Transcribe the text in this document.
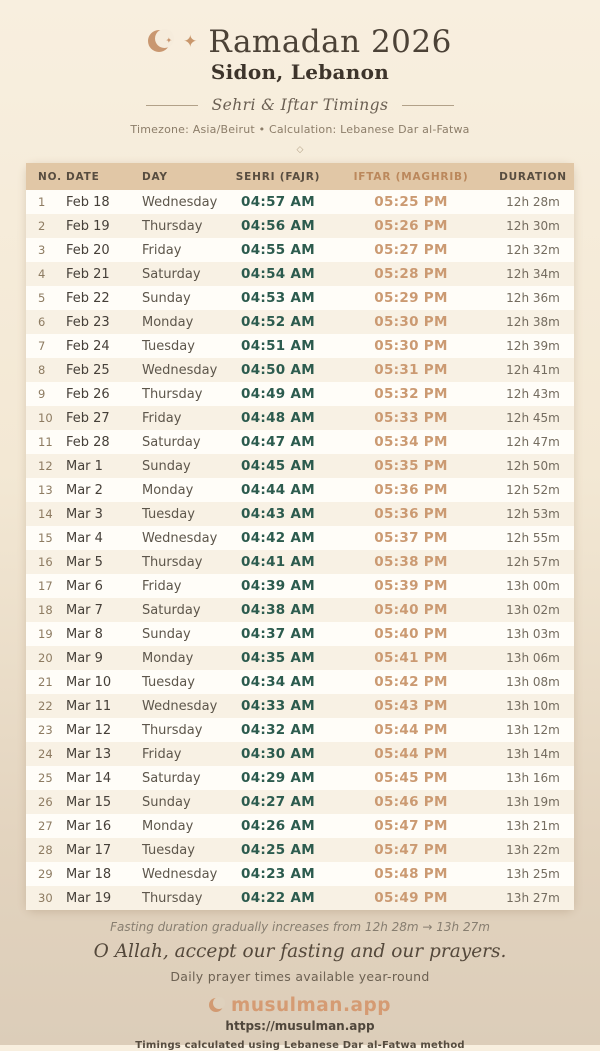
✦ ✦ Ramadan 2026
Sidon, Lebanon
Sehri & Iftar Timings
Timezone: Asia/Beirut • Calculation: Lebanese Dar al-Fatwa
◇
NO.	DATE	DAY	SEHRI (FAJR)	IFTAR (MAGHRIB)	DURATION
1	Feb 18	Wednesday	04:57 AM	05:25 PM	12h 28m
2	Feb 19	Thursday	04:56 AM	05:26 PM	12h 30m
3	Feb 20	Friday	04:55 AM	05:27 PM	12h 32m
4	Feb 21	Saturday	04:54 AM	05:28 PM	12h 34m
5	Feb 22	Sunday	04:53 AM	05:29 PM	12h 36m
6	Feb 23	Monday	04:52 AM	05:30 PM	12h 38m
7	Feb 24	Tuesday	04:51 AM	05:30 PM	12h 39m
8	Feb 25	Wednesday	04:50 AM	05:31 PM	12h 41m
9	Feb 26	Thursday	04:49 AM	05:32 PM	12h 43m
10	Feb 27	Friday	04:48 AM	05:33 PM	12h 45m
11	Feb 28	Saturday	04:47 AM	05:34 PM	12h 47m
12	Mar 1	Sunday	04:45 AM	05:35 PM	12h 50m
13	Mar 2	Monday	04:44 AM	05:36 PM	12h 52m
14	Mar 3	Tuesday	04:43 AM	05:36 PM	12h 53m
15	Mar 4	Wednesday	04:42 AM	05:37 PM	12h 55m
16	Mar 5	Thursday	04:41 AM	05:38 PM	12h 57m
17	Mar 6	Friday	04:39 AM	05:39 PM	13h 00m
18	Mar 7	Saturday	04:38 AM	05:40 PM	13h 02m
19	Mar 8	Sunday	04:37 AM	05:40 PM	13h 03m
20	Mar 9	Monday	04:35 AM	05:41 PM	13h 06m
21	Mar 10	Tuesday	04:34 AM	05:42 PM	13h 08m
22	Mar 11	Wednesday	04:33 AM	05:43 PM	13h 10m
23	Mar 12	Thursday	04:32 AM	05:44 PM	13h 12m
24	Mar 13	Friday	04:30 AM	05:44 PM	13h 14m
25	Mar 14	Saturday	04:29 AM	05:45 PM	13h 16m
26	Mar 15	Sunday	04:27 AM	05:46 PM	13h 19m
27	Mar 16	Monday	04:26 AM	05:47 PM	13h 21m
28	Mar 17	Tuesday	04:25 AM	05:47 PM	13h 22m
29	Mar 18	Wednesday	04:23 AM	05:48 PM	13h 25m
30	Mar 19	Thursday	04:22 AM	05:49 PM	13h 27m
Fasting duration gradually increases from 12h 28m → 13h 27m
O Allah, accept our fasting and our prayers.
Daily prayer times available year-round
musulman.app
https://musulman.app
Timings calculated using Lebanese Dar al-Fatwa method
